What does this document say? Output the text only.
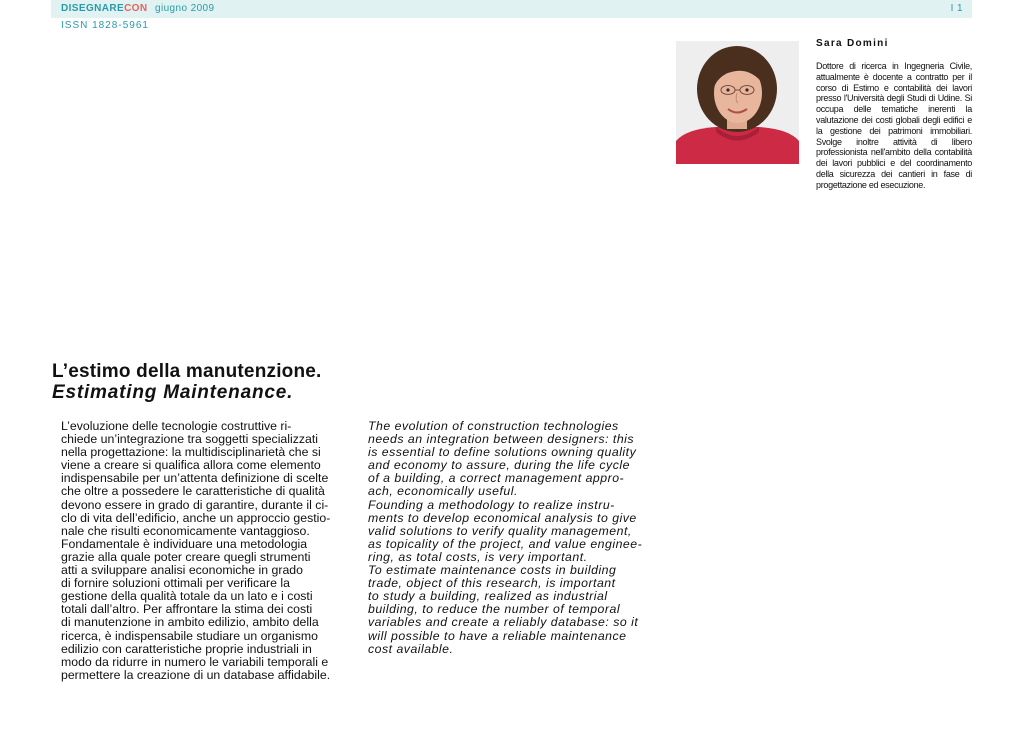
DISEGNARECON giugno 2009	I 1
ISSN 1828-5961
Sara Domini

Dottore di ricerca in Ingegneria Civile, attualmente è docente a contratto per il corso di Estimo e contabilità dei lavori presso l'Università degli Studi di Udine. Si occupa delle tematiche inerenti la valutazione dei costi globali degli edifici e la gestione dei patrimoni immobiliari. Svolge inoltre attività di libero professionista nell'ambito della contabilità dei lavori pubblici e del coordinamento della sicurezza dei cantieri in fase di progettazione ed esecuzione.

L’estimo della manutenzione.
Estimating Maintenance.
L’evoluzione delle tecnologie costruttive ri-
chiede un’integrazione tra soggetti specializzati
nella progettazione: la multidisciplinarietà che si
viene a creare si qualifica allora come elemento
indispensabile per un’attenta definizione di scelte
che oltre a possedere le caratteristiche di qualità
devono essere in grado di garantire, durante il ci-
clo di vita dell’edificio, anche un approccio gestio-
nale che risulti economicamente vantaggioso.
Fondamentale è individuare una metodologia
grazie alla quale poter creare quegli strumenti
atti a sviluppare analisi economiche in grado
di fornire soluzioni ottimali per verificare la
gestione della qualità totale da un lato e i costi
totali dall’altro. Per affrontare la stima dei costi
di manutenzione in ambito edilizio, ambito della
ricerca, è indispensabile studiare un organismo
edilizio con caratteristiche proprie industriali in
modo da ridurre in numero le variabili temporali e
permettere la creazione di un database affidabile.
The evolution of construction technologies
needs an integration between designers: this
is essential to define solutions owning quality
and economy to assure, during the life cycle
of a building, a correct management appro-
ach, economically useful.
Founding a methodology to realize instru-
ments to develop economical analysis to give
valid solutions to verify quality management,
as topicality of the project, and value enginee-
ring, as total costs, is very important.
To estimate maintenance costs in building
trade, object of this research, is important
to study a building, realized as industrial
building, to reduce the number of temporal
variables and create a reliably database: so it
will possible to have a reliable maintenance
cost available.
